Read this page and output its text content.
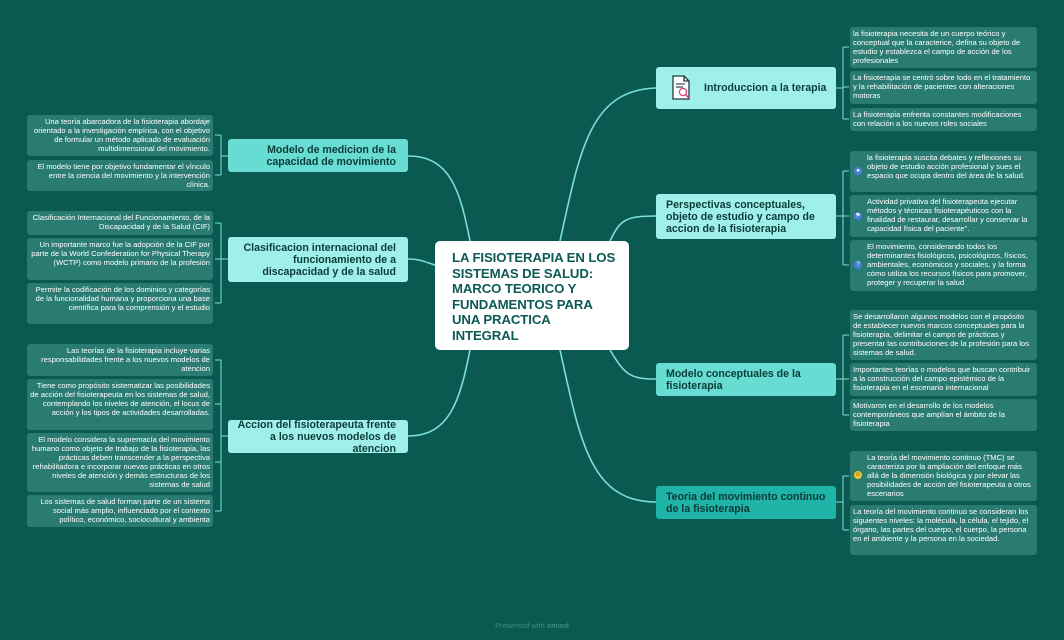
LA FISIOTERAPIA EN LOS SISTEMAS DE SALUD: MARCO TEORICO Y FUNDAMENTOS PARA UNA PRACTICA INTEGRAL
Modelo de medicion de la capacidad de movimiento
Una teoría abarcadora de la fisioterapia abordaje orientado a la investigación empírica, con el objetivo de formular un método aplicado de evaluación multidimensional del movimiento.
El modelo tiene por objetivo fundamentar el vínculo entre la ciencia del movimiento y la intervención clínica.
Clasificacion internacional del funcionamiento de a discapacidad y de la salud
Clasificación Internacional del Funcionamiento, de la Discapacidad y de la Salud (CIF)
Un importante marco fue la adopción de la CIF por parte de la World Confederation for Physical Therapy (WCTP) como modelo primario de la profesión
Permite la codificación de los dominios y categorías de la funcionalidad humana y proporciona una base científica para la comprensión y el estudio
Accion del fisioterapeuta frente a los nuevos modelos de atencion
Las teorías de la fisioterapia incluye varias responsabilidades frente a los nuevos modelos de atencion
Tiene como propósito sistematizar las posibilidades de acción del fisioterapeuta en los sistemas de salud, contemplando los niveles de atención, el locus de acción y los tipos de actividades desarrolladas.
El modelo considera la supremacía del movimiento humano como objeto de trabajo de la fisioterapia, las prácticas deben transcender a la perspectiva rehabilitadora e incorporar nuevas prácticas en otros niveles de atención y demás estructuras de los sistemas de salud
Los sistemas de salud forman parte de un sistema social más amplio, influenciado por el contexto político, económico, sociocultural y ambienta
Introduccion a la terapia
la fisioterapia necesita de un cuerpo teórico y conceptual que la caracterice, defina su objeto de estudio y establezca el campo de acción de los profesionales
La fisioterapia se centró sobre todo en el tratamiento y la rehabilitación de pacientes con alteraciones motoras
La fisioterapia enfrenta constantes modificaciones con relación a los nuevos roles sociales
Perspectivas conceptuales, objeto de estudio y campo de accion de la fisioterapia
●
la fisioterapia suscita debates y reflexiones su objeto de estudio acción profesional y sues el espacio que ocupa dentro del área de la salud.
⚑
Actividad privativa del fisioterapeuta ejecutar métodos y técnicas fisioterapéuticos con la finalidad de restaurar, desarrollar y conservar la capacidad física del paciente".
?
El movimiento, considerando todos los determinantes fisiológicos, psicológicos, físicos, ambientales, económicos y sociales, y la forma cómo utiliza los recursos físicos para promover, proteger y recuperar la salud
Modelo conceptuales de la fisioterapia
Se desarrollaron algunos modelos con el propósito de establecer nuevos marcos conceptuales para la fisioterapia, delimitar el campo de prácticas y presentar las contribuciones de la profesión para los sistemas de salud.
Importantes teorías o modelos que buscan contribuir a la construcción del campo epistémico de la fisioterapia en el escenario internacional
Motivaron en el desarrollo de los modelos contemporáneos que amplían el ámbito de la fisioterapia
Teoria del movimiento continuo de la fisioterapia
☺
La teoría del movimiento continuo (TMC) se caracteriza por la ampliación del enfoque más allá de la dimensión biológica y por elevar las posibilidades de acción del fisioterapeuta a otros escenarios
La teoría del movimiento continuo se consideran los siguientes niveles: la molécula, la célula, el tejido, el órgano, las partes del cuerpo, el cuerpo, la persona en el ambiente y la persona en la sociedad.
Presented with xmind
